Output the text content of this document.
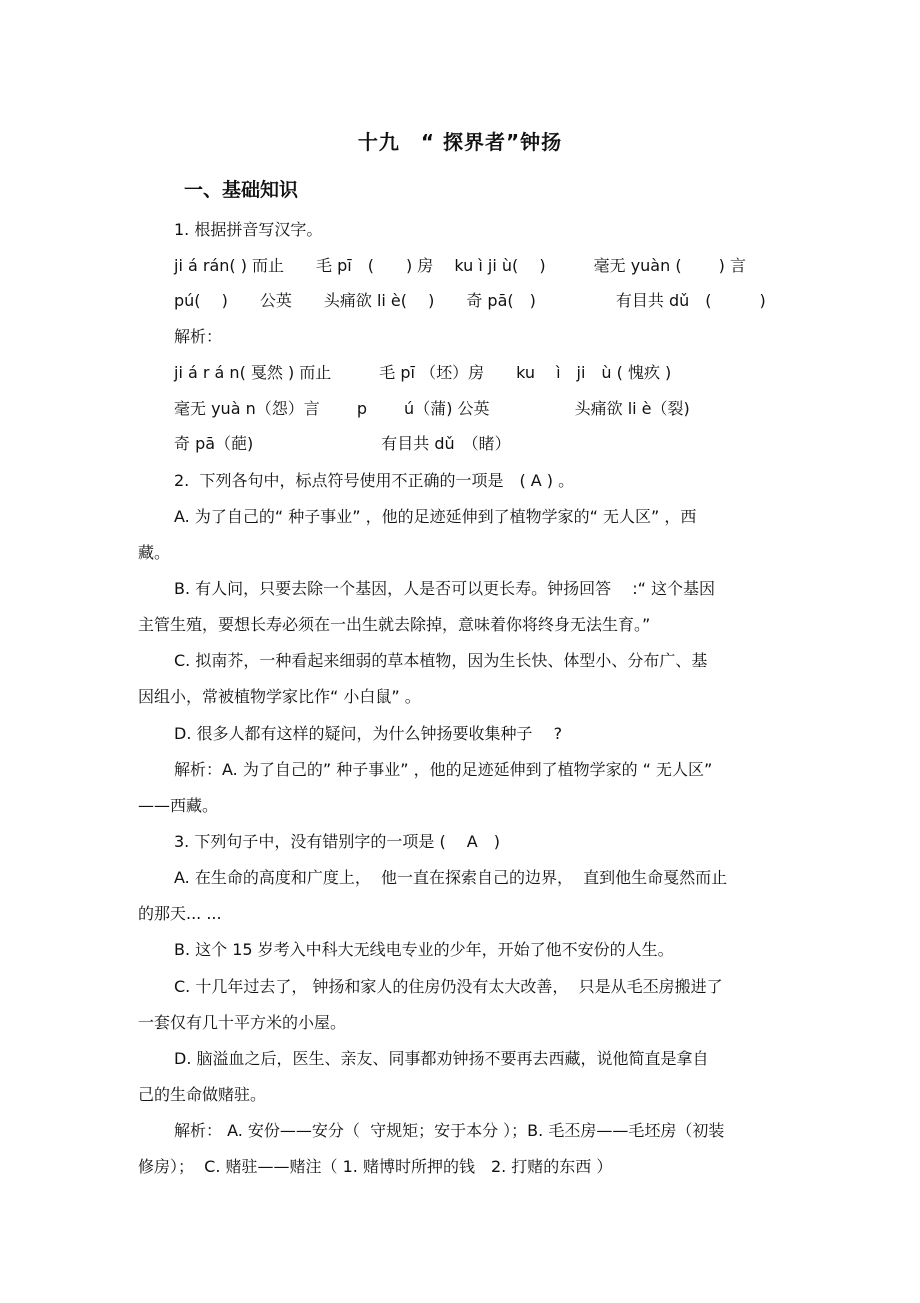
十九　“ 探界者”钟扬
一、基础知识
1. 根据拼音写汉字。
ji á rán( ) 而止　　毛 pī　(　　) 房　 ku ì ji ù(　 )　　　毫无 yuàn (　　 ) 言
pú(　 )　　公英　　头痛欲 li è(　 )　　奇 pā(　)　　　　　有目共 dǔ　(　　　)
解析：
ji á r á n( 戛然 ) 而止　　　毛 pī （坯）房　　ku　 ì　ji　ù ( 愧疚 )
毫无 yuà n（怨）言　　 p　　 ú（蒲) 公英　　　　　 头痛欲 li è（裂)
奇 pā（葩)　　　　　　　　有目共 dǔ　（睹）
2.  下列各句中，标点符号使用不正确的一项是　( A ) 。
A. 为了自己的“ 种子事业” ，他的足迹延伸到了植物学家的“ 无人区” ，西
藏。
B. 有人问，只要去除一个基因，人是否可以更长寿。钟扬回答　 :“ 这个基因
主管生殖，要想长寿必须在一出生就去除掉，意味着你将终身无法生育。”
C. 拟南芥，一种看起来细弱的草本植物，因为生长快、体型小、分布广、基
因组小，常被植物学家比作“ 小白鼠” 。
D. 很多人都有这样的疑问，为什么钟扬要收集种子　 ?
解析：A. 为了自己的” 种子事业” ，他的足迹延伸到了植物学家的 “ 无人区”
——西藏。
3. 下列句子中，没有错别字的一项是 (　 A　)
A. 在生命的高度和广度上，  他一直在探索自己的边界，  直到他生命戛然而止
的那天... ...
B. 这个 15 岁考入中科大无线电专业的少年，开始了他不安份的人生。
C. 十几年过去了， 钟扬和家人的住房仍没有太大改善，  只是从毛丕房搬进了
一套仅有几十平方米的小屋。
D. 脑溢血之后，医生、亲友、同事都劝钟扬不要再去西藏，说他简直是拿自
己的生命做赌驻。
解析： A. 安份——安分（  守规矩；安于本分 ）；B. 毛丕房——毛坯房（初装
修房）；  C. 赌驻——赌注（ 1. 赌博时所押的钱　2. 打赌的东西 ）
